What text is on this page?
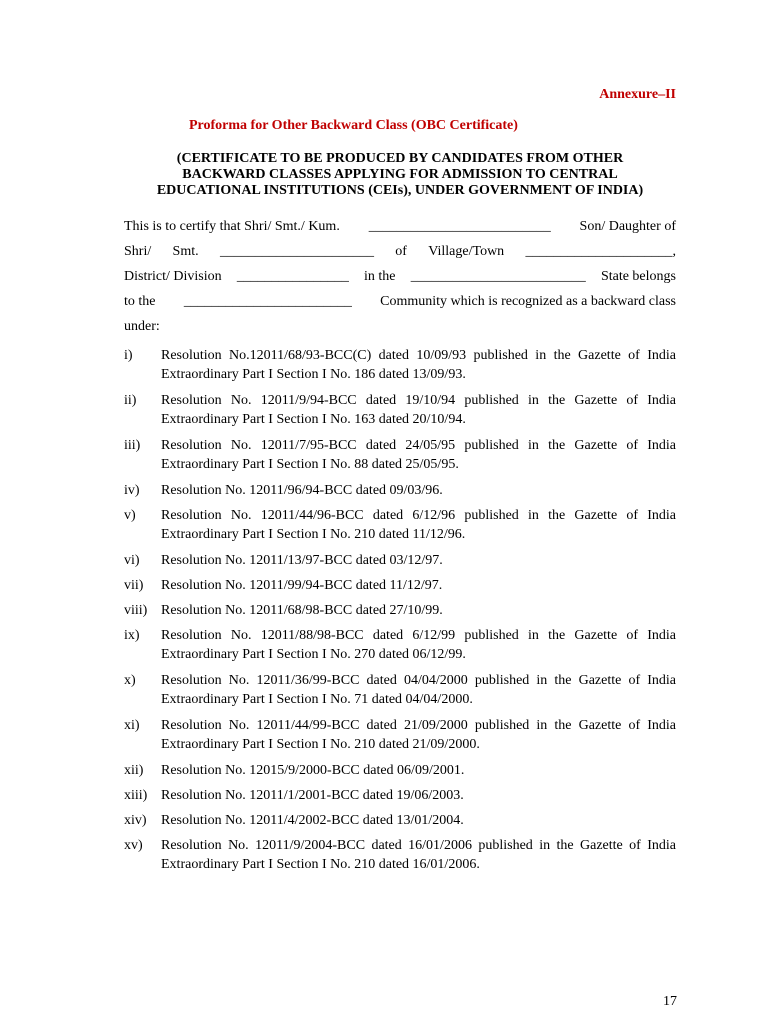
Annexure–II
Proforma for Other Backward Class (OBC Certificate)
(CERTIFICATE TO BE PRODUCED BY CANDIDATES FROM OTHER
BACKWARD CLASSES APPLYING FOR ADMISSION TO CENTRAL
EDUCATIONAL INSTITUTIONS (CEIs), UNDER GOVERNMENT OF INDIA)
This is to certify that Shri/ Smt./ Kum. __________________________ Son/ Daughter of
Shri/ Smt. ______________________ of Village/Town _____________________,
District/ Division ________________ in the _________________________ State belongs
to the ________________________ Community which is recognized as a backward class
under:
i)	Resolution No.12011/68/93-BCC(C) dated 10/09/93 published in the Gazette of India Extraordinary Part I Section I No. 186 dated 13/09/93.
ii)	Resolution No. 12011/9/94-BCC dated 19/10/94 published in the Gazette of India Extraordinary Part I Section I No. 163 dated 20/10/94.
iii)	Resolution No. 12011/7/95-BCC dated 24/05/95 published in the Gazette of India Extraordinary Part I Section I No. 88 dated 25/05/95.
iv)	Resolution No. 12011/96/94-BCC dated 09/03/96.
v)	Resolution No. 12011/44/96-BCC dated 6/12/96 published in the Gazette of India Extraordinary Part I Section I No. 210 dated 11/12/96.
vi)	Resolution No. 12011/13/97-BCC dated 03/12/97.
vii)	Resolution No. 12011/99/94-BCC dated 11/12/97.
viii) Resolution No. 12011/68/98-BCC dated 27/10/99.
ix)	Resolution No. 12011/88/98-BCC dated 6/12/99 published in the Gazette of India Extraordinary Part I Section I No. 270 dated 06/12/99.
x)	Resolution No. 12011/36/99-BCC dated 04/04/2000 published in the Gazette of India Extraordinary Part I Section I No. 71 dated 04/04/2000.
xi)	Resolution No. 12011/44/99-BCC dated 21/09/2000 published in the Gazette of India Extraordinary Part I Section I No. 210 dated 21/09/2000.
xii)	Resolution No. 12015/9/2000-BCC dated 06/09/2001.
xiii) Resolution No. 12011/1/2001-BCC dated 19/06/2003.
xiv)	Resolution No. 12011/4/2002-BCC dated 13/01/2004.
xv)	Resolution No. 12011/9/2004-BCC dated 16/01/2006 published in the Gazette of India Extraordinary Part I Section I No. 210 dated 16/01/2006.
17
